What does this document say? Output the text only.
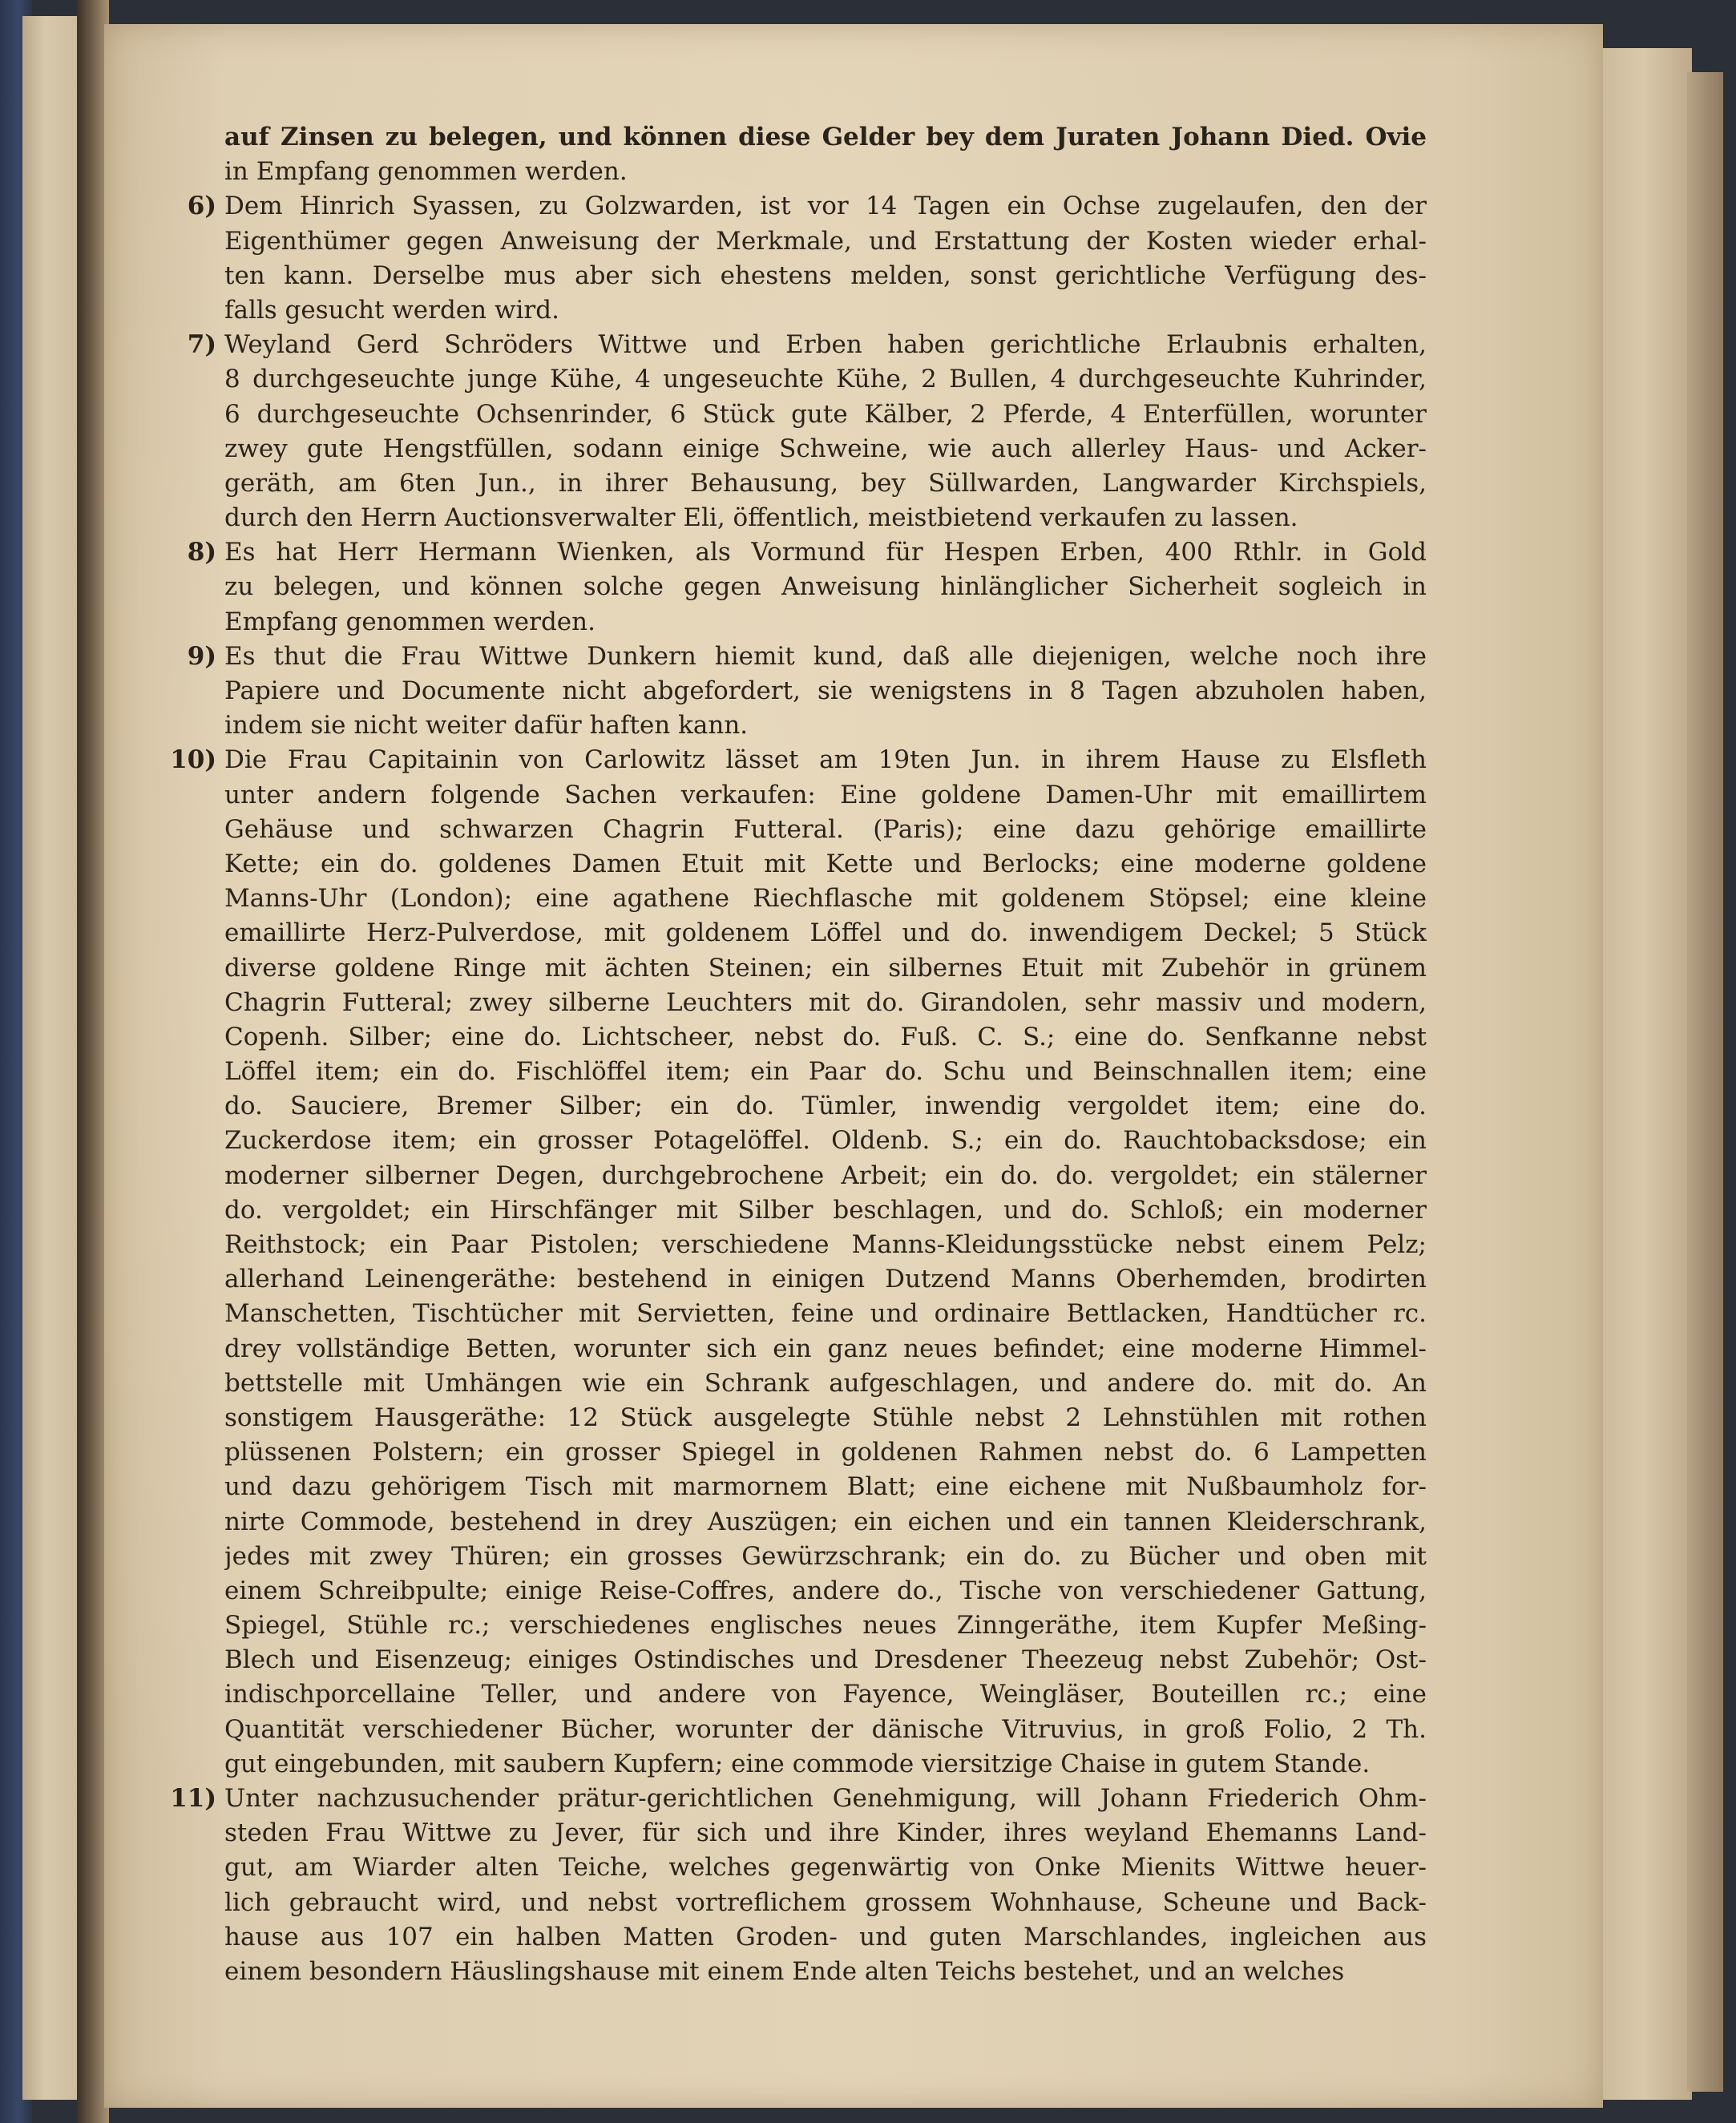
auf Zinsen zu belegen, und können diese Gelder bey dem Juraten Johann Died. Ovie
in Empfang genommen werden.
6) Dem Hinrich Syassen, zu Golzwarden, ist vor 14 Tagen ein Ochse zugelaufen, den der
Eigenthümer gegen Anweisung der Merkmale, und Erstattung der Kosten wieder erhal-
ten kann. Derselbe mus aber sich ehestens melden, sonst gerichtliche Verfügung des-
falls gesucht werden wird.
7) Weyland Gerd Schröders Wittwe und Erben haben gerichtliche Erlaubnis erhalten,
8 durchgeseuchte junge Kühe, 4 ungeseuchte Kühe, 2 Bullen, 4 durchgeseuchte Kuhrinder,
6 durchgeseuchte Ochsenrinder, 6 Stück gute Kälber, 2 Pferde, 4 Enterfüllen, worunter
zwey gute Hengstfüllen, sodann einige Schweine, wie auch allerley Haus- und Acker-
geräth, am 6ten Jun., in ihrer Behausung, bey Süllwarden, Langwarder Kirchspiels,
durch den Herrn Auctionsverwalter Eli, öffentlich, meistbietend verkaufen zu lassen.
8) Es hat Herr Hermann Wienken, als Vormund für Hespen Erben, 400 Rthlr. in Gold
zu belegen, und können solche gegen Anweisung hinlänglicher Sicherheit sogleich in
Empfang genommen werden.
9) Es thut die Frau Wittwe Dunkern hiemit kund, daß alle diejenigen, welche noch ihre
Papiere und Documente nicht abgefordert, sie wenigstens in 8 Tagen abzuholen haben,
indem sie nicht weiter dafür haften kann.
10) Die Frau Capitainin von Carlowitz lässet am 19ten Jun. in ihrem Hause zu Elsfleth
unter andern folgende Sachen verkaufen: Eine goldene Damen-Uhr mit emaillirtem
Gehäuse und schwarzen Chagrin Futteral. (Paris); eine dazu gehörige emaillirte
Kette; ein do. goldenes Damen Etuit mit Kette und Berlocks; eine moderne goldene
Manns-Uhr (London); eine agathene Riechflasche mit goldenem Stöpsel; eine kleine
emaillirte Herz-Pulverdose, mit goldenem Löffel und do. inwendigem Deckel; 5 Stück
diverse goldene Ringe mit ächten Steinen; ein silbernes Etuit mit Zubehör in grünem
Chagrin Futteral; zwey silberne Leuchters mit do. Girandolen, sehr massiv und modern,
Copenh. Silber; eine do. Lichtscheer, nebst do. Fuß. C. S.; eine do. Senfkanne nebst
Löffel item; ein do. Fischlöffel item; ein Paar do. Schu und Beinschnallen item; eine
do. Sauciere, Bremer Silber; ein do. Tümler, inwendig vergoldet item; eine do.
Zuckerdose item; ein grosser Potagelöffel. Oldenb. S.; ein do. Rauchtobacksdose; ein
moderner silberner Degen, durchgebrochene Arbeit; ein do. do. vergoldet; ein stälerner
do. vergoldet; ein Hirschfänger mit Silber beschlagen, und do. Schloß; ein moderner
Reithstock; ein Paar Pistolen; verschiedene Manns-Kleidungsstücke nebst einem Pelz;
allerhand Leinengeräthe: bestehend in einigen Dutzend Manns Oberhemden, brodirten
Manschetten, Tischtücher mit Servietten, feine und ordinaire Bettlacken, Handtücher rc.
drey vollständige Betten, worunter sich ein ganz neues befindet; eine moderne Himmel-
bettstelle mit Umhängen wie ein Schrank aufgeschlagen, und andere do. mit do. An
sonstigem Hausgeräthe: 12 Stück ausgelegte Stühle nebst 2 Lehnstühlen mit rothen
plüssenen Polstern; ein grosser Spiegel in goldenen Rahmen nebst do. 6 Lampetten
und dazu gehörigem Tisch mit marmornem Blatt; eine eichene mit Nußbaumholz for-
nirte Commode, bestehend in drey Auszügen; ein eichen und ein tannen Kleiderschrank,
jedes mit zwey Thüren; ein grosses Gewürzschrank; ein do. zu Bücher und oben mit
einem Schreibpulte; einige Reise-Coffres, andere do., Tische von verschiedener Gattung,
Spiegel, Stühle rc.; verschiedenes englisches neues Zinngeräthe, item Kupfer Meßing-
Blech und Eisenzeug; einiges Ostindisches und Dresdener Theezeug nebst Zubehör; Ost-
indischporcellaine Teller, und andere von Fayence, Weingläser, Bouteillen rc.; eine
Quantität verschiedener Bücher, worunter der dänische Vitruvius, in groß Folio, 2 Th.
gut eingebunden, mit saubern Kupfern; eine commode viersitzige Chaise in gutem Stande.
11) Unter nachzusuchender prätur-gerichtlichen Genehmigung, will Johann Friederich Ohm-
steden Frau Wittwe zu Jever, für sich und ihre Kinder, ihres weyland Ehemanns Land-
gut, am Wiarder alten Teiche, welches gegenwärtig von Onke Mienits Wittwe heuer-
lich gebraucht wird, und nebst vortreflichem grossem Wohnhause, Scheune und Back-
hause aus 107 ein halben Matten Groden- und guten Marschlandes, ingleichen aus
einem besondern Häuslingshause mit einem Ende alten Teichs bestehet, und an welches
